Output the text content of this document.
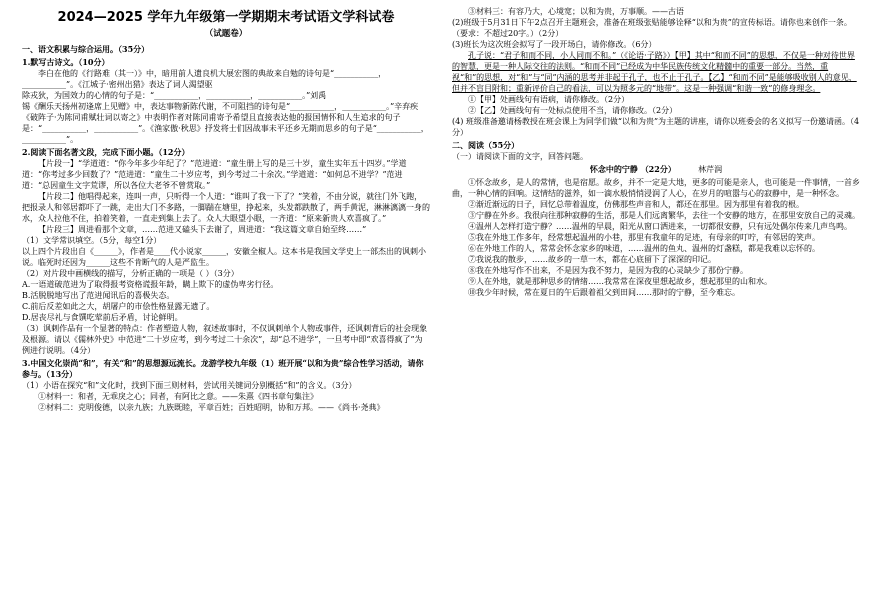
2024—2025 学年九年级第一学期期末考试语文学科试卷
（试题卷）
一、语文积累与综合运用。（35分）
1.默写古诗文。（10分）

李白在他的《行路难（其一）》中，暗用前人遗良机大展宏图的典故来自勉的诗句是“___________，___________”。《江城子·密州出猎》表达了词人渴望驱

除戎狄，为国效力的心情的句子是：“___________，___________，___________。”刘禹

锡《酬乐天扬州初逢席上见赠》中，表达事物新陈代谢，不可阻挡的诗句是“___________，___________。”辛弃疾《破阵子·为陈同甫赋壮词以寄之》中表明作者对陈同甫寄予希望且直接表达他的报国情怀和人生追求的句子是：“___________，___________”。《渔家傲·秋思》抒发将士们因战事未平还乡无期而思乡的句子是“___________，___________”。

2.阅读下面名著文段，完成下面小题。（12分）

【片段一】“学道道：“你今年多少年纪了？”范进道：“童生册上写的是三十岁，童生实年五十四岁。”学道道：“你考过多少回数了？”范进道：“童生二十岁应考，到今考过二十余次。”学道道：“如何总不进学？”范进道：“总因童生文字荒谬，所以各位大老爷不曾赏取。”

【片段二】他唱得起来，连叫一声，只听得一个人道：“谁叫了我一下了？”笑着，不由分说，就往门外飞跑，把报录人和邻居都吓了一跳，走出大门不多路，一脚踹在塘里，挣起来，头发都跌散了，两手黄泥，淋淋漓漓一身的水，众人拉他不住，拍着笑着，一直走到集上去了。众人大眼望小眼，一齐道：“原来新贵人欢喜疯了。”

【片段三】周进看那个文章，……范进又磕头下去谢了，周进道：“我这篇文章自始至终……”

（1）文学常识填空。（5分，每空1分）

以上四个片段出自《______》，作者是____代小说家______，安徽全椒人。这本书是我国文学史上一部杰出的讽刺小说。临死时还因为______这些不肯断气的人是严监生。

（2）对片段中画横线的描写，分析正确的一项是（ ）（3分）

A.一语道破范进为了取得报考资格谎报年龄，瞒上欺下的虚伪卑劣行径。

B.活脱脱地写出了范进闻讯后的喜极失态。

C.前后反差如此之大，胡屠户的市侩性格显露无遗了。

D.居丧尽礼与食馔吃荤前后矛盾，讨论鲜明。

（3）讽刺作品有一个显著的特点：作者塑造人物，叙述故事时，不仅讽刺单个人物或事件，还讽刺背后的社会现象及根源。请以《儒林外史》中范进“二十岁应考，到今考过二十余次”，却“总不进学”，一旦考中即“欢喜得疯了”为例进行说明。（4分）

3.中国文化崇尚“和”，有关“和”的思想源远流长。龙游学校九年级（1）班开展“以和为贵”综合性学习活动，请你参与。（13分）

（1）小语在探究“和”文化时，找到下面三则材料，尝试用关键词分别概括“和”的含义。（3分）

①材料一：和者，无乖戾之心；同者，有阿比之意。——朱熹《四书章句集注》

②材料二：克明俊德，以亲九族；九族既睦，平章百姓；百姓昭明，协和万邦。——《尚书·尧典》

③材料三：有容乃大，心境宽；以和为贵，万事顺。——古语

(2)班级于5月31日下午2点召开主题班会，准备在班级张贴能够诠释“以和为贵”的宣传标语。请你也来创作一条。（要求：不超过20字。）（2分）

(3)班长为这次班会拟写了一段开场白，请你修改。（6分）

孔子说：“君子和而不同，小人同而不和。”（《论语·子路》）【甲】其中“和而不同”的思想，不仅是一种对待世界的智慧，更是一种人际交往的法则。“和而不同”已经成为中华民族传统文化精髓中的重要一部分。当然，重视“和”的思想，对“和”与“同”内涵的思考并非起于孔子，也不止于孔子。【乙】“和而不同”是能够吸收别人的意见，但并不盲目附和；重新评价自己的看法，可以为照多元的“地带”。这是一种强调“和谐一致”的修身理念。

①【甲】处画线句有语病，请你修改。（2分）

②【乙】处画线句有一处标点使用不当，请你修改。（2分）

(4) 班级准备邀请杨教授在班会课上为同学们做“以和为贵”为主题的讲座，请你以班委会的名义拟写一份邀请函。（4分）

二、阅读（55分）

（一）请阅读下面的文字，回答问题。

怀念中的宁静 （22分）	林芹润

①怀念故乡，是人的常情，也是宿愿。故乡，并不一定是大地，更多的可能是亲人，也可能是一件事情，一首乡曲，一种心情的回响。这情结的滋养，如一滴水般悄悄浸润了人心，在岁月的喧嚣与心的寂静中，是一种怀念。

②渐近渐远的日子，回忆总带着温度，仿佛那些声音和人，都还在那里。因为那里有着我的根。

③宁静在外乡。我很向往那种寂静的生活，那是人们远离繁华，去往一个安静的地方，在那里安放自己的灵魂。

④温州人怎样打造宁静？……温州的早晨，阳光从窗口洒进来，一切都很安静，只有远处偶尔传来几声鸟鸣。

⑤我在外地工作多年，经常想起温州的小巷，那里有我童年的足迹，有母亲的叮咛，有邻居的笑声。

⑥在外地工作的人，常常会怀念家乡的味道，……温州的鱼丸、温州的灯盏糕，都是我难以忘怀的。

⑦我说我的散步，……故乡的一草一木，都在心底留下了深深的印记。

⑧我在外地写作不出来，不是因为我不努力，是因为我的心灵缺少了那份宁静。

⑨人在外地，就是那种思乡的情绪……我常常在深夜里想起故乡，想起那里的山和水。

⑩我少年时候，常在夏日的午后跟着祖父到田间……那时的宁静，至今难忘。
